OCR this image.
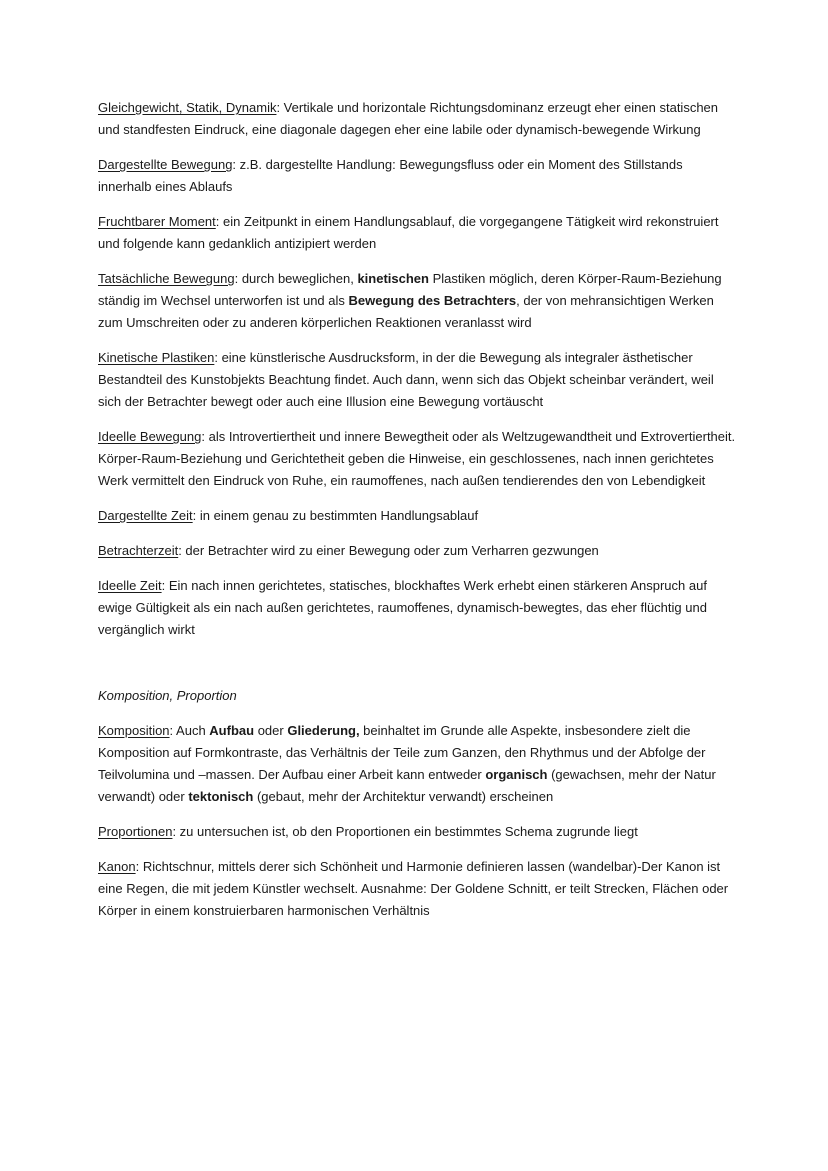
Gleichgewicht, Statik, Dynamik: Vertikale und horizontale Richtungsdominanz erzeugt eher einen statischen und standfesten Eindruck, eine diagonale dagegen eher eine labile oder dynamisch-bewegende Wirkung

Dargestellte Bewegung: z.B. dargestellte Handlung: Bewegungsfluss oder ein Moment des Stillstands innerhalb eines Ablaufs

Fruchtbarer Moment: ein Zeitpunkt in einem Handlungsablauf, die vorgegangene Tätigkeit wird rekonstruiert und folgende kann gedanklich antizipiert werden

Tatsächliche Bewegung: durch beweglichen, kinetischen Plastiken möglich, deren Körper-Raum-Beziehung ständig im Wechsel unterworfen ist und als Bewegung des Betrachters, der von mehransichtigen Werken zum Umschreiten oder zu anderen körperlichen Reaktionen veranlasst wird

Kinetische Plastiken: eine künstlerische Ausdrucksform, in der die Bewegung als integraler ästhetischer Bestandteil des Kunstobjekts Beachtung findet. Auch dann, wenn sich das Objekt scheinbar verändert, weil sich der Betrachter bewegt oder auch eine Illusion eine Bewegung vortäuscht

Ideelle Bewegung: als Introvertiertheit und innere Bewegtheit oder als Weltzugewandtheit und Extrovertiertheit. Körper-Raum-Beziehung und Gerichtetheit geben die Hinweise, ein geschlossenes, nach innen gerichtetes Werk vermittelt den Eindruck von Ruhe, ein raumoffenes, nach außen tendierendes den von Lebendigkeit

Dargestellte Zeit: in einem genau zu bestimmten Handlungsablauf

Betrachterzeit: der Betrachter wird zu einer Bewegung oder zum Verharren gezwungen

Ideelle Zeit: Ein nach innen gerichtetes, statisches, blockhaftes Werk erhebt einen stärkeren Anspruch auf ewige Gültigkeit als ein nach außen gerichtetes, raumoffenes, dynamisch-bewegtes, das eher flüchtig und vergänglich wirkt

Komposition, Proportion

Komposition: Auch Aufbau oder Gliederung, beinhaltet im Grunde alle Aspekte, insbesondere zielt die Komposition auf Formkontraste, das Verhältnis der Teile zum Ganzen, den Rhythmus und der Abfolge der Teilvolumina und –massen. Der Aufbau einer Arbeit kann entweder organisch (gewachsen, mehr der Natur verwandt) oder tektonisch (gebaut, mehr der Architektur verwandt) erscheinen

Proportionen: zu untersuchen ist, ob den Proportionen ein bestimmtes Schema zugrunde liegt

Kanon: Richtschnur, mittels derer sich Schönheit und Harmonie definieren lassen (wandelbar)-Der Kanon ist eine Regen, die mit jedem Künstler wechselt. Ausnahme: Der Goldene Schnitt, er teilt Strecken, Flächen oder Körper in einem konstruierbaren harmonischen Verhältnis
